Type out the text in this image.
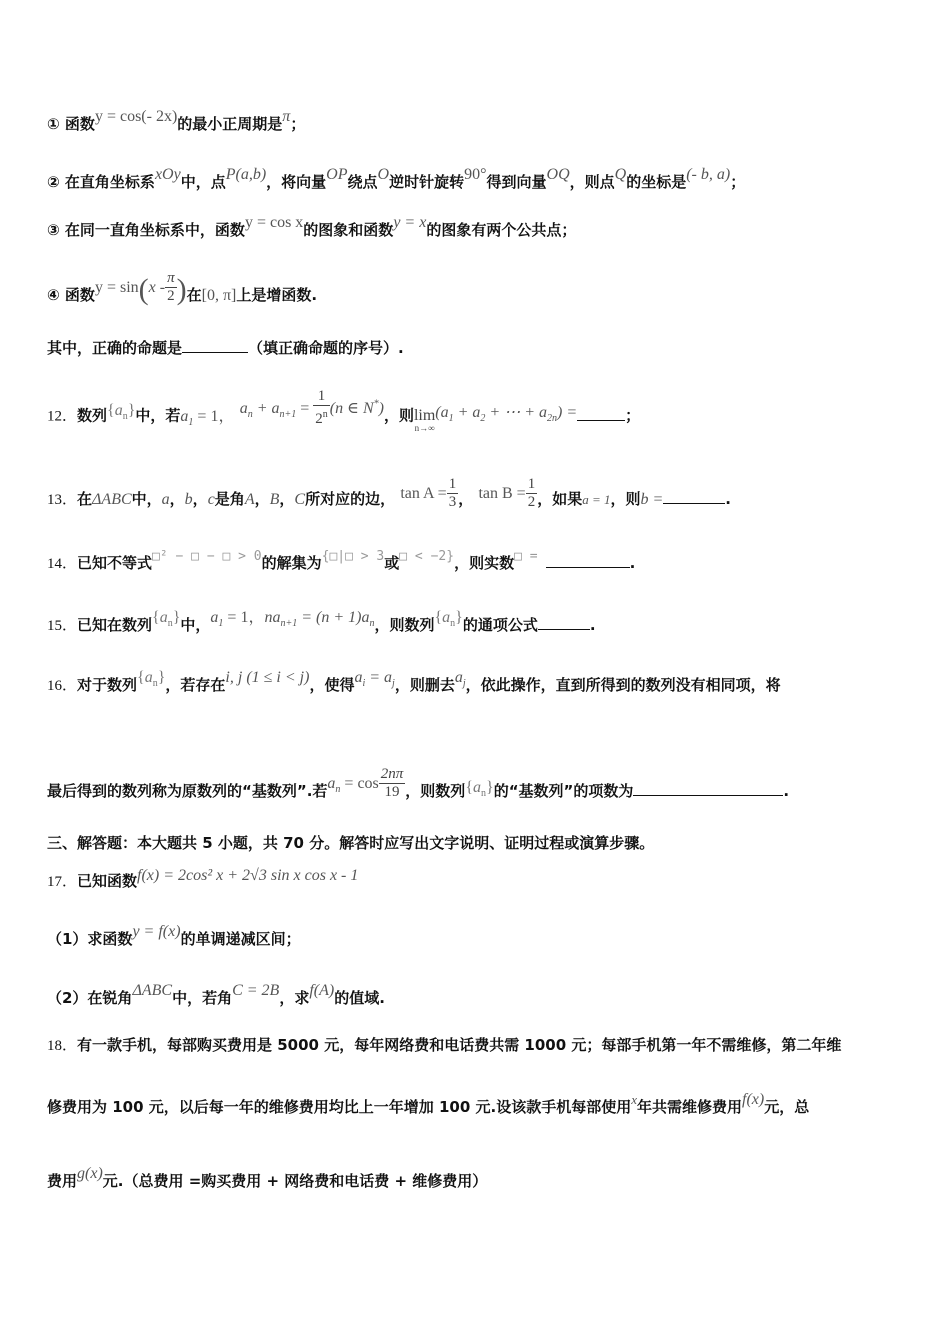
① 函数y = cos(- 2x)的最小正周期是π；
② 在直角坐标系xOy中，点P(a,b)，将向量OP绕点O逆时针旋转90°得到向量OQ，则点Q的坐标是(- b, a)；
③ 在同一直角坐标系中，函数y = cos x的图象和函数y = x的图象有两个公共点；
④ 函数$y = \sin(x - \frac{\pi}{2}$ )在[0, π]上是增函数.
其中，正确的命题是	（填正确命题的序号）.
12．数列$\{a_n\}$中，若$a_1 = 1$， $a_n + a_{n+1} = \frac{1}{2^n} (n$ ∈ N*)，则 lim
n→∞
($a_1 + a_2$ + ⋯ + $a_{2n}$) =	；
13．在ΔABC中，a，b，c是角A，B，C所对应的边， $\tan A = \frac{1}{3}$ ， $\tan B = \frac{1}{2}$ ，如果a = 1，则b =	.
14．已知不等式□² − □ − □ > 0的解集为{□|□ > 3或□ < −2}，则实数□ =	.
15．已知在数列$\{a_n\}$中，$a_1 = 1$，$na_{n+1} = (n + 1)a_n$，则数列$\{a_n\}$的通项公式	.
16．对于数列$\{a_n\}$，若存在i, j (1 ≤ i < j)，使得$a_i = a_j$，则删去$a_j$，依此操作，直到所得到的数列没有相同项，将
最后得到的数列称为原数列的“基数列”.若$a_n = \cos \frac{2n\pi}{19}$ ，则数列$\{a_n\}$的“基数列”的项数为	.
三、解答题：本大题共 5 小题，共 70 分。解答时应写出文字说明、证明过程或演算步骤。
17．已知函数f(x) = 2cos² x + 2√3 sin x cos x - 1
（1）求函数y = f(x)的单调递减区间；
（2）在锐角ΔABC中，若角C = 2B，求f(A)的值域.
18．有一款手机，每部购买费用是 5000 元，每年网络费和电话费共需 1000 元；每部手机第一年不需维修，第二年维
修费用为 100 元，以后每一年的维修费用均比上一年增加 100 元.设该款手机每部使用x年共需维修费用f(x)元，总
费用g(x)元.（总费用 =购买费用 + 网络费和电话费 + 维修费用）
